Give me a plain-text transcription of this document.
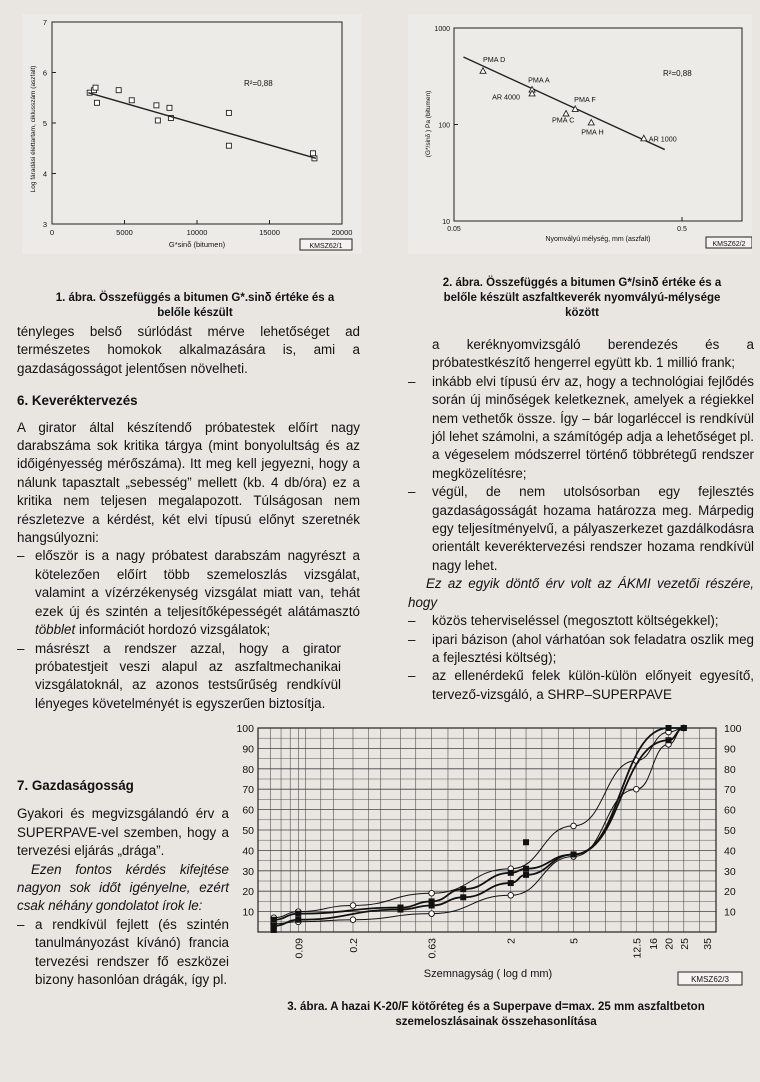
3
4
5
6
7
0	5000	10000	15000	20000
R²=0,88
G*sinδ (bitumen)
Log fáradási élettartam, ciklusszám (aszfalt)
KMSZ62/1
1. ábra. Összefüggés a bitumen G*.sinδ értéke és a
belőle készült
10
100
1000
0.05	0.5
PMA D
PMA A
AR 4000	PMA F
PMA C
PMA H
AR 1000
R²=0,88
Nyomvályú mélység, mm (aszfalt)
(G*/sinδ ) Pa (bitumen)
KMSZ62/2
2. ábra. Összefüggés a bitumen G*/sinδ értéke és a
belőle készült aszfaltkeverék nyomvályú-mélysége
között

tényleges belső súrlódást mérve lehetőséget ad természetes homokok alkalmazására is, ami a gazdaságosságot jelentősen növelheti.

6. Keveréktervezés

A girator által készítendő próbatestek előírt nagy darabszáma sok kritika tárgya (mint bonyolultság és az időigényesség mérőszáma). Itt meg kell jegyezni, hogy a nálunk tapasztalt „sebesség” mellett (kb. 4 db/óra) ez a kritika nem teljesen megalapozott. Túlságosan nem részletezve a kérdést, két elvi típusú előnyt szeretnék hangsúlyozni:

– először is a nagy próbatest darabszám nagyrészt a kötelezően előírt több szemeloszlás vizsgálat, valamint a vízérzékenység vizsgálat miatt van, tehát ezek új és szintén a teljesítőképességét alátámasztó többlet információt hordozó vizsgálatok;
– másrészt a rendszer azzal, hogy a girator próbatestjeit veszi alapul az aszfaltmechanikai vizsgálatoknál, az azonos testsűrűség rendkívül lényeges követelményét is egyszerűen biztosítja.

7. Gazdaságosság

Gyakori és megvizsgálandó érv a SUPERPAVE-vel szemben, hogy a tervezési eljárás „drága”.

Ezen fontos kérdés kifejtése nagyon sok időt igényelne, ezért csak néhány gondolatot írok le:

– a rendkívül fejlett (és szintén tanulmányozást kívánó) francia tervezési rendszer fő eszközei bizony hasonlóan drágák, így pl.

a keréknyomvizsgáló berendezés és a próbatestkészítő hengerrel együtt kb. 1 millió frank;

–	inkább elvi típusú érv az, hogy a technológiai fejlődés során új minőségek keletkeznek, amelyek a régiekkel nem vethetők össze. Így – bár logarléccel is rendkívül jól lehet számolni, a számítógép adja a lehetőséget pl. a végeselem módszerrel történő többrétegű rendszer megközelítésre;
–	végül, de nem utolsósorban egy fejlesztés gazdaságosságát hozama határozza meg. Márpedig egy teljesítményelvű, a pályaszerkezet gazdálkodásra orientált keveréktervezési rendszer hozama rendkívül nagy lehet.

Ez az egyik döntő érv volt az ÁKMI vezetői részére, hogy

–	közös teherviseléssel (megosztott költségekkel);
–	ipari bázison (ahol várhatóan sok feladatra oszlik meg a fejlesztési költség);
–	az ellenérdekű felek külön-külön előnyeit egyesítő, tervező-vizsgáló, a SHRP–SUPERPAVE
10	10
20	20
30	30
40	40
50	50
60	60
70	70
80	80
90	90
100	100
0.09	0.2	0.63	2	5	12.5 16 20 25 35
Szemnagyság ( log d mm)	KMSZ62/3
3. ábra. A hazai K-20/F kötőréteg és a Superpave d=max. 25 mm aszfaltbeton
szemeloszlásainak összehasonlítása
